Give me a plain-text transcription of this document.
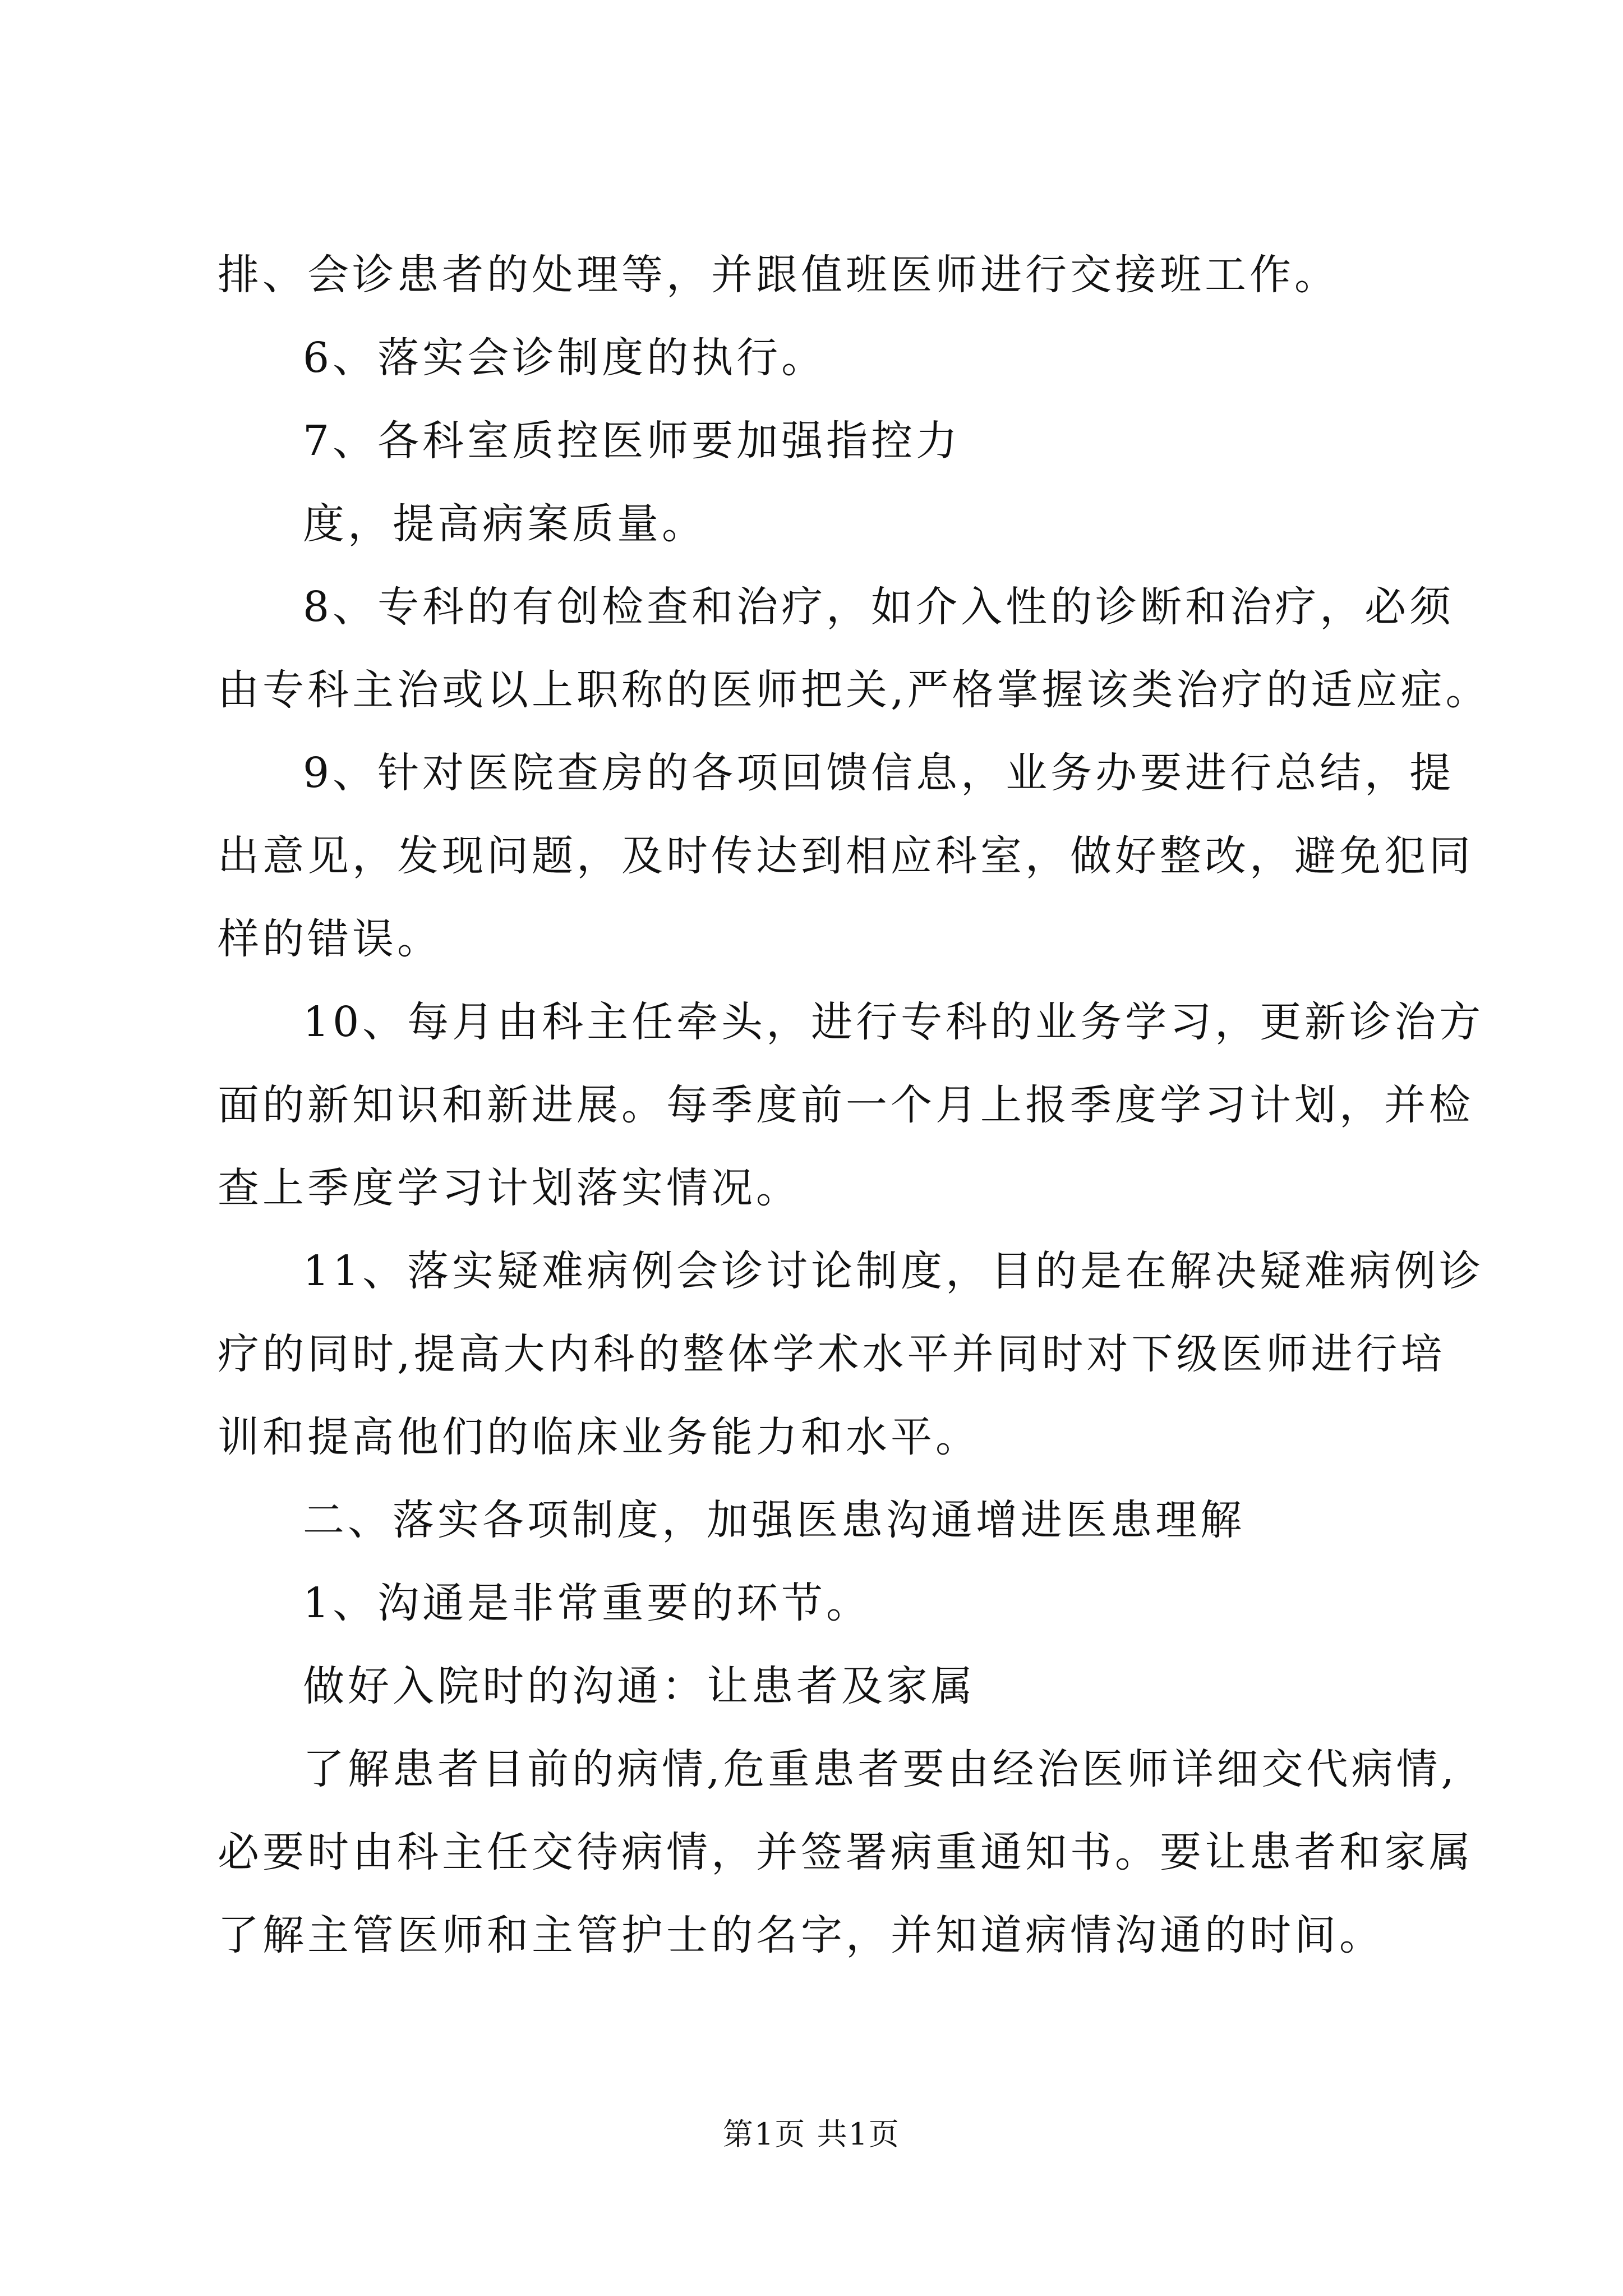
排、会诊患者的处理等，并跟值班医师进行交接班工作。
6、落实会诊制度的执行。
7、各科室质控医师要加强指控力
度，提高病案质量。
8、专科的有创检查和治疗，如介入性的诊断和治疗，必须
由专科主治或以上职称的医师把关,严格掌握该类治疗的适应症。
9、针对医院查房的各项回馈信息，业务办要进行总结，提
出意见，发现问题，及时传达到相应科室，做好整改，避免犯同
样的错误。
10、每月由科主任牵头，进行专科的业务学习，更新诊治方
面的新知识和新进展。每季度前一个月上报季度学习计划，并检
查上季度学习计划落实情况。
11、落实疑难病例会诊讨论制度，目的是在解决疑难病例诊
疗的同时,提高大内科的整体学术水平并同时对下级医师进行培
训和提高他们的临床业务能力和水平。
二、落实各项制度，加强医患沟通增进医患理解
1、沟通是非常重要的环节。
做好入院时的沟通：让患者及家属
了解患者目前的病情,危重患者要由经治医师详细交代病情,
必要时由科主任交待病情，并签署病重通知书。要让患者和家属
了解主管医师和主管护士的名字，并知道病情沟通的时间。
第1页 共1页
